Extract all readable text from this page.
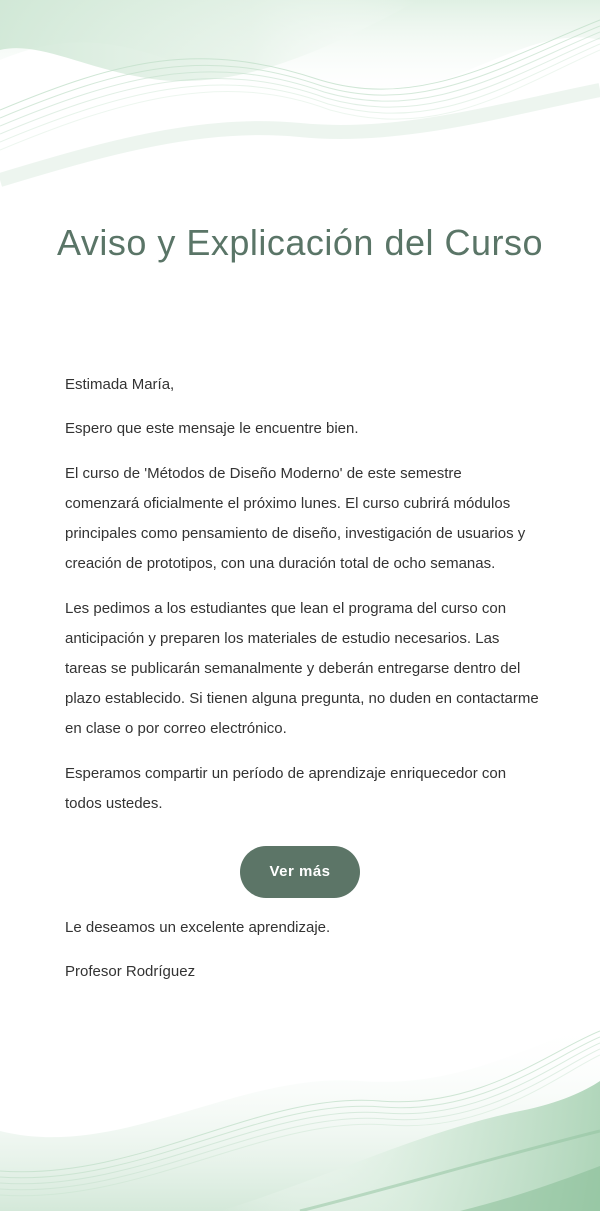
Aviso y Explicación del Curso

Estimada María,

Espero que este mensaje le encuentre bien.

El curso de 'Métodos de Diseño Moderno' de este semestre comenzará oficialmente el próximo lunes. El curso cubrirá módulos principales como pensamiento de diseño, investigación de usuarios y creación de prototipos, con una duración total de ocho semanas.

Les pedimos a los estudiantes que lean el programa del curso con anticipación y preparen los materiales de estudio necesarios. Las tareas se publicarán semanalmente y deberán entregarse dentro del plazo establecido. Si tienen alguna pregunta, no duden en contactarme en clase o por correo electrónico.

Esperamos compartir un período de aprendizaje enriquecedor con todos ustedes.

Ver más

Le deseamos un excelente aprendizaje.

Profesor Rodríguez
